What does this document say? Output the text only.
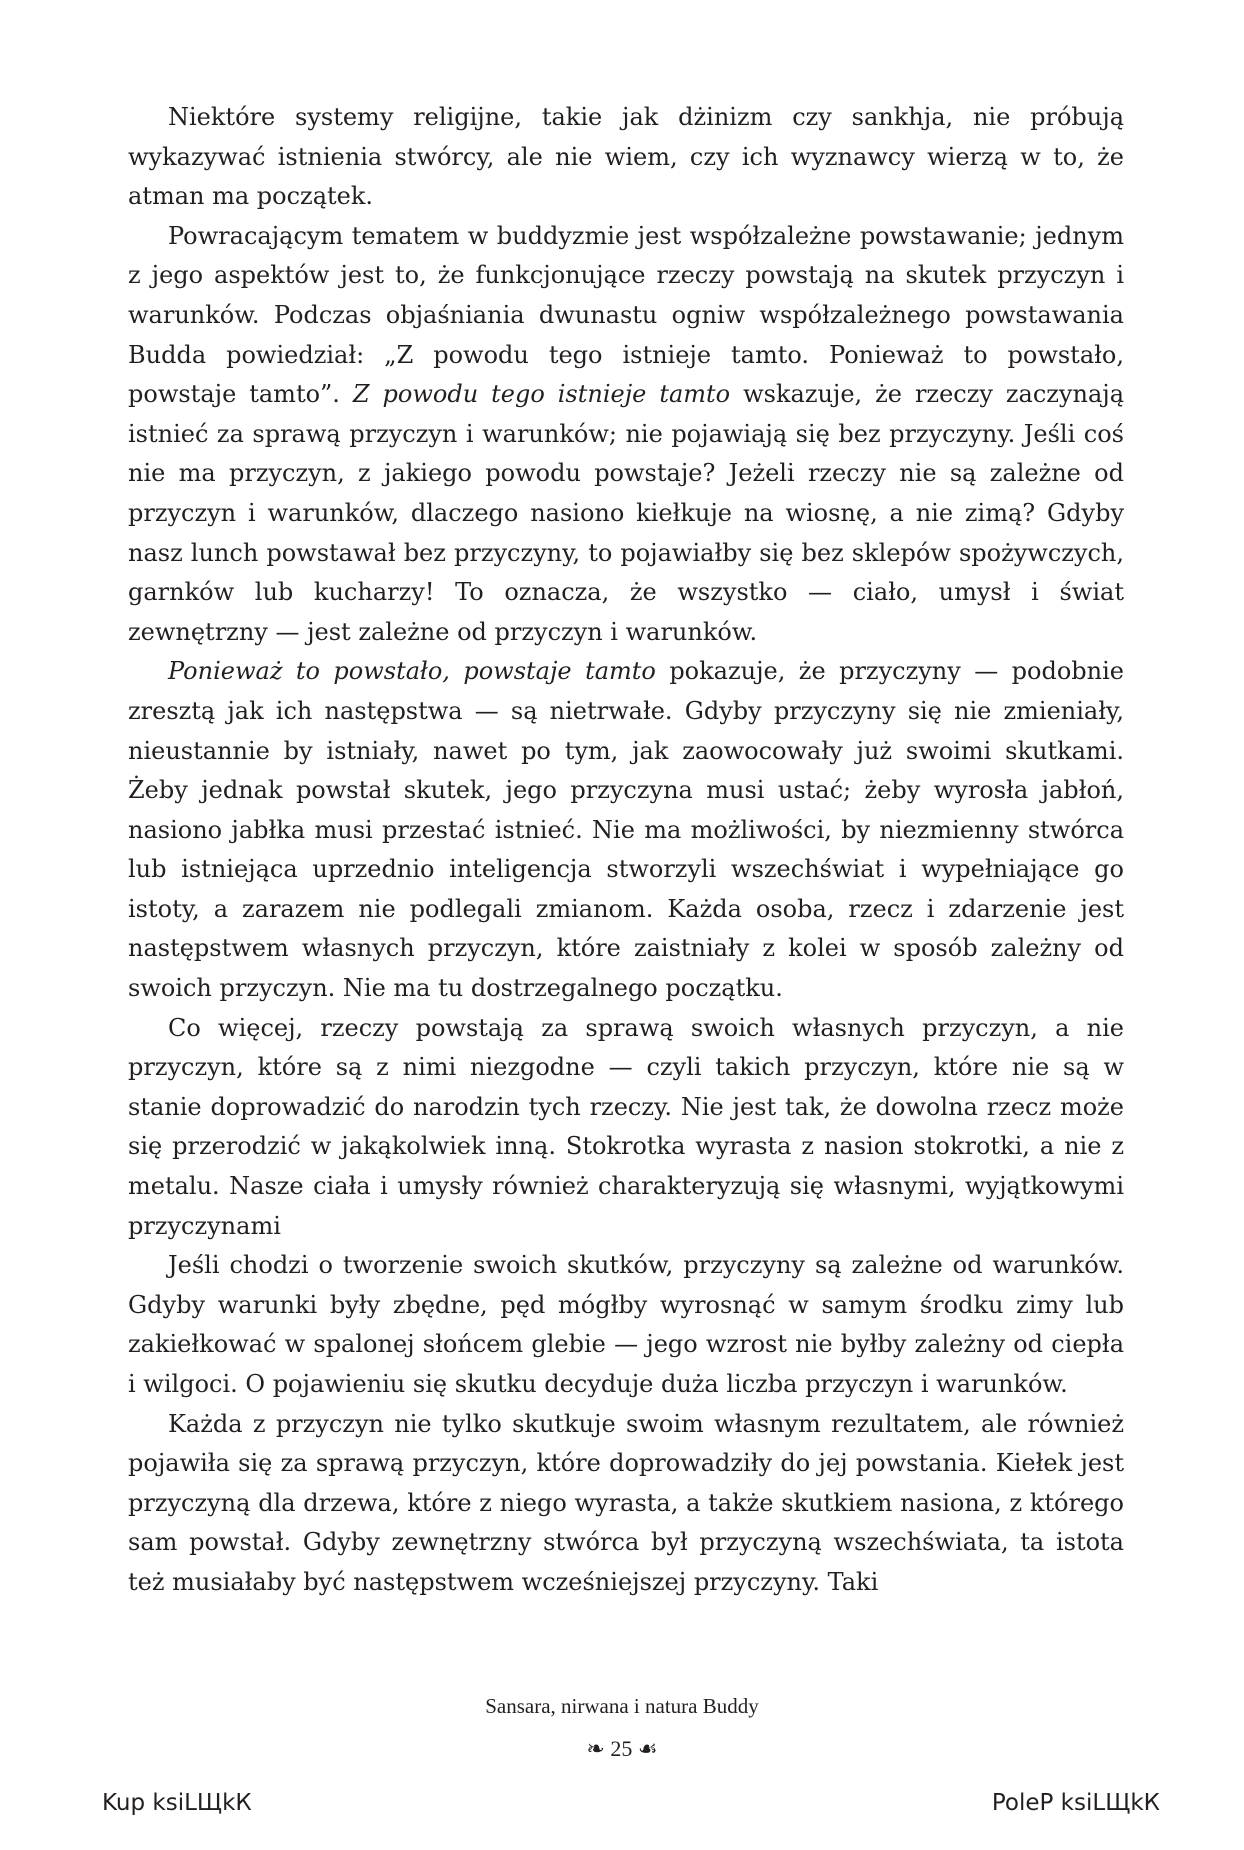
Niektóre systemy religijne, takie jak dżinizm czy sankhja, nie próbują wykazywać istnienia stwórcy, ale nie wiem, czy ich wyznawcy wierzą w to, że atman ma początek.

Powracającym tematem w buddyzmie jest współzależne powstawanie; jednym z jego aspektów jest to, że funkcjonujące rzeczy powstają na skutek przyczyn i warunków. Podczas objaśniania dwunastu ogniw współzależnego powstawania Budda powiedział: „Z powodu tego istnieje tamto. Ponieważ to powstało, powstaje tamto”. Z powodu tego istnieje tamto wskazuje, że rzeczy zaczynają istnieć za sprawą przyczyn i warunków; nie pojawiają się bez przyczyny. Jeśli coś nie ma przyczyn, z jakiego powodu powstaje? Jeżeli rzeczy nie są zależne od przyczyn i warunków, dlaczego nasiono kiełkuje na wiosnę, a nie zimą? Gdyby nasz lunch powstawał bez przyczyny, to pojawiałby się bez sklepów spożywczych, garnków lub kucharzy! To oznacza, że wszystko — ciało, umysł i świat zewnętrzny — jest zależne od przyczyn i warunków.

Ponieważ to powstało, powstaje tamto pokazuje, że przyczyny — podobnie zresztą jak ich następstwa — są nietrwałe. Gdyby przyczyny się nie zmieniały, nieustannie by istniały, nawet po tym, jak zaowocowały już swoimi skutkami. Żeby jednak powstał skutek, jego przyczyna musi ustać; żeby wyrosła jabłoń, nasiono jabłka musi przestać istnieć. Nie ma możliwości, by niezmienny stwórca lub istniejąca uprzednio inteligencja stworzyli wszechświat i wypełniające go istoty, a zarazem nie podlegali zmianom. Każda osoba, rzecz i zdarzenie jest następstwem własnych przyczyn, które zaistniały z kolei w sposób zależny od swoich przyczyn. Nie ma tu dostrzegalnego początku.

Co więcej, rzeczy powstają za sprawą swoich własnych przyczyn, a nie przyczyn, które są z nimi niezgodne — czyli takich przyczyn, które nie są w stanie doprowadzić do narodzin tych rzeczy. Nie jest tak, że dowolna rzecz może się przerodzić w jakąkolwiek inną. Stokrotka wyrasta z nasion stokrotki, a nie z metalu. Nasze ciała i umysły również charakteryzują się własnymi, wyjątkowymi przyczynami

Jeśli chodzi o tworzenie swoich skutków, przyczyny są zależne od warunków. Gdyby warunki były zbędne, pęd mógłby wyrosnąć w samym środku zimy lub zakiełkować w spalonej słońcem glebie — jego wzrost nie byłby zależny od ciepła i wilgoci. O pojawieniu się skutku decyduje duża liczba przyczyn i warunków.

Każda z przyczyn nie tylko skutkuje swoim własnym rezultatem, ale również pojawiła się za sprawą przyczyn, które doprowadziły do jej powstania. Kiełek jest przyczyną dla drzewa, które z niego wyrasta, a także skutkiem nasiona, z którego sam powstał. Gdyby zewnętrzny stwórca był przyczyną wszechświata, ta istota też musiałaby być następstwem wcześniejszej przyczyny. Taki

Sansara, nirwana i natura Buddy
❧ 25 ☙
Kup ksiLЩkК	PoleР ksiLЩkК
